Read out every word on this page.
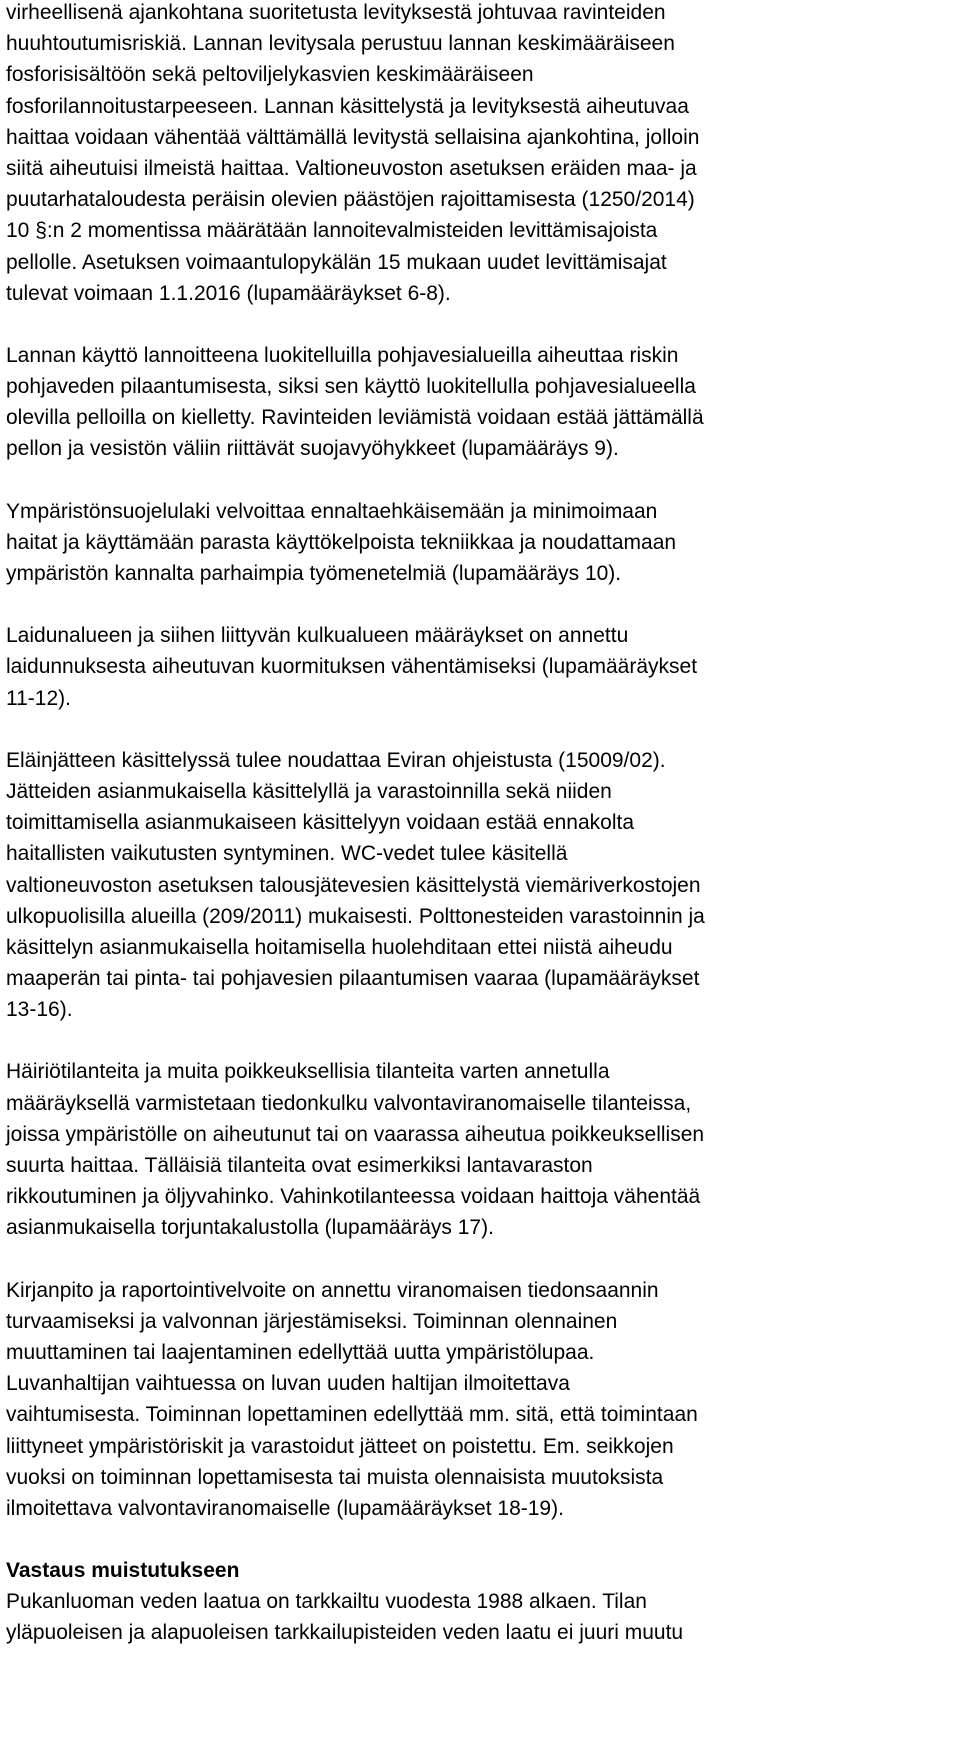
virheellisenä ajankohtana suoritetusta levityksestä johtuvaa ravinteiden
huuhtoutumisriskiä. Lannan levitysala perustuu lannan keskimääräiseen
fosforisisältöön sekä peltoviljelykasvien keskimääräiseen
fosforilannoitustarpeeseen. Lannan käsittelystä ja levityksestä aiheutuvaa
haittaa voidaan vähentää välttämällä levitystä sellaisina ajankohtina, jolloin
siitä aiheutuisi ilmeistä haittaa. Valtioneuvoston asetuksen eräiden maa- ja
puutarhataloudesta peräisin olevien päästöjen rajoittamisesta (1250/2014)
10 §:n 2 momentissa määrätään lannoitevalmisteiden levittämisajoista
pellolle. Asetuksen voimaantulopykälän 15 mukaan uudet levittämisajat
tulevat voimaan 1.1.2016 (lupamääräykset 6-8).
Lannan käyttö lannoitteena luokitelluilla pohjavesialueilla aiheuttaa riskin
pohjaveden pilaantumisesta, siksi sen käyttö luokitellulla pohjavesialueella
olevilla pelloilla on kielletty. Ravinteiden leviämistä voidaan estää jättämällä
pellon ja vesistön väliin riittävät suojavyöhykkeet (lupamääräys 9).
Ympäristönsuojelulaki velvoittaa ennaltaehkäisemään ja minimoimaan
haitat ja käyttämään parasta käyttökelpoista tekniikkaa ja noudattamaan
ympäristön kannalta parhaimpia työmenetelmiä (lupamääräys 10).
Laidunalueen ja siihen liittyvän kulkualueen määräykset on annettu
laidunnuksesta aiheutuvan kuormituksen vähentämiseksi (lupamääräykset
11-12).
Eläinjätteen käsittelyssä tulee noudattaa Eviran ohjeistusta (15009/02).
Jätteiden asianmukaisella käsittelyllä ja varastoinnilla sekä niiden
toimittamisella asianmukaiseen käsittelyyn voidaan estää ennakolta
haitallisten vaikutusten syntyminen. WC-vedet tulee käsitellä
valtioneuvoston asetuksen talousjätevesien käsittelystä viemäriverkostojen
ulkopuolisilla alueilla (209/2011) mukaisesti. Polttonesteiden varastoinnin ja
käsittelyn asianmukaisella hoitamisella huolehditaan ettei niistä aiheudu
maaperän tai pinta- tai pohjavesien pilaantumisen vaaraa (lupamääräykset
13-16).
Häiriötilanteita ja muita poikkeuksellisia tilanteita varten annetulla
määräyksellä varmistetaan tiedonkulku valvontaviranomaiselle tilanteissa,
joissa ympäristölle on aiheutunut tai on vaarassa aiheutua poikkeuksellisen
suurta haittaa. Tälläisiä tilanteita ovat esimerkiksi lantavaraston
rikkoutuminen ja öljyvahinko. Vahinkotilanteessa voidaan haittoja vähentää
asianmukaisella torjuntakalustolla (lupamääräys 17).
Kirjanpito ja raportointivelvoite on annettu viranomaisen tiedonsaannin
turvaamiseksi ja valvonnan järjestämiseksi. Toiminnan olennainen
muuttaminen tai laajentaminen edellyttää uutta ympäristölupaa.
Luvanhaltijan vaihtuessa on luvan uuden haltijan ilmoitettava
vaihtumisesta. Toiminnan lopettaminen edellyttää mm. sitä, että toimintaan
liittyneet ympäristöriskit ja varastoidut jätteet on poistettu. Em. seikkojen
vuoksi on toiminnan lopettamisesta tai muista olennaisista muutoksista
ilmoitettava valvontaviranomaiselle (lupamääräykset 18-19).
Vastaus muistutukseen
Pukanluoman veden laatua on tarkkailtu vuodesta 1988 alkaen. Tilan
yläpuoleisen ja alapuoleisen tarkkailupisteiden veden laatu ei juuri muutu
